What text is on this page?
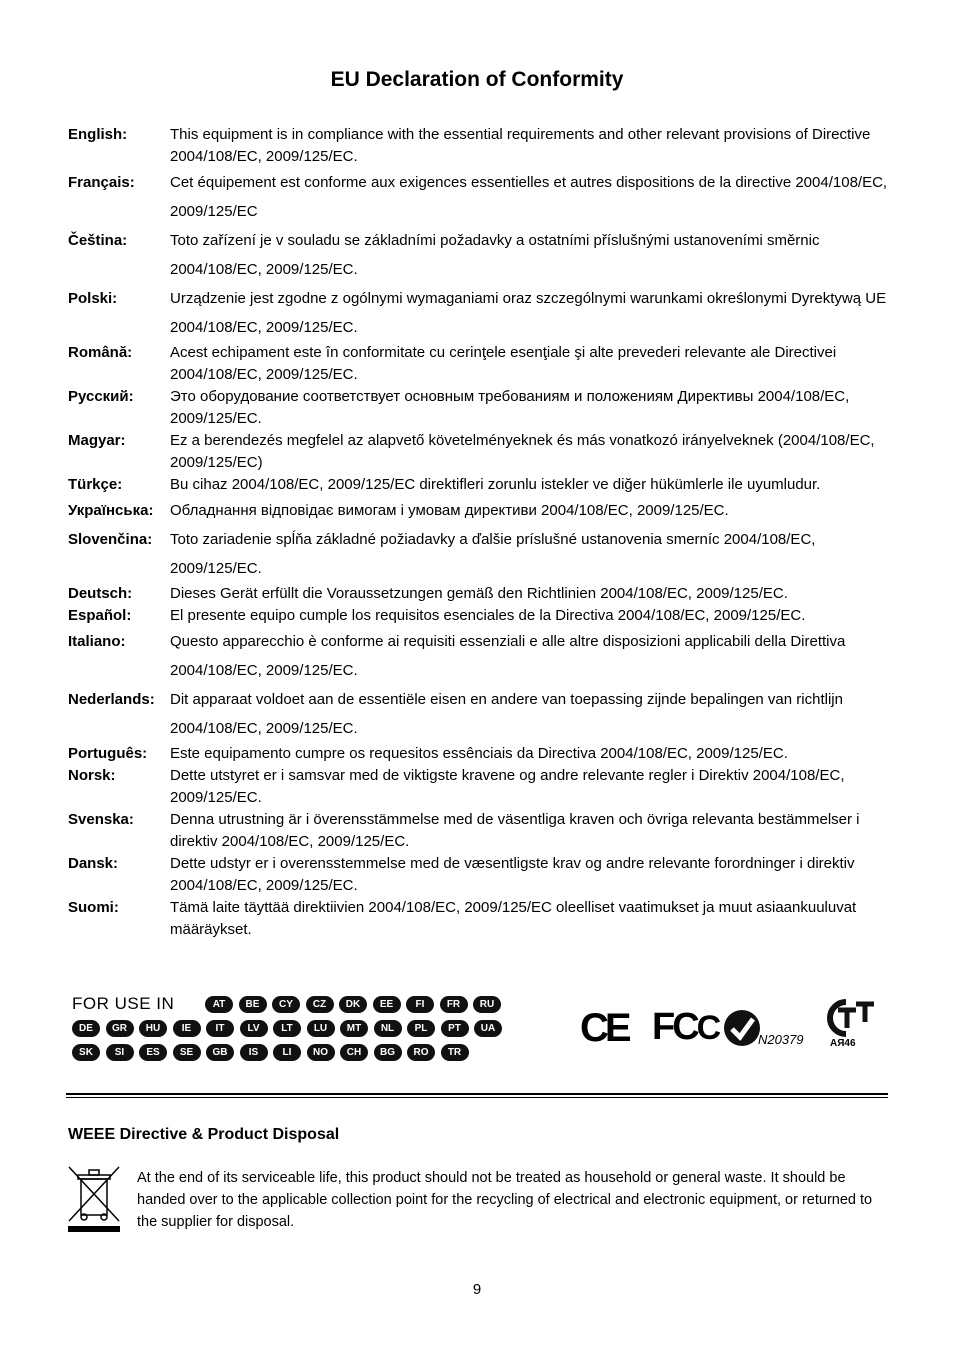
EU Declaration of Conformity
English:	This equipment is in compliance with the essential requirements and other relevant provisions of Directive 2004/108/EC, 2009/125/EC.
Français:	Cet équipement est conforme aux exigences essentielles et autres dispositions de la directive 2004/108/EC, 2009/125/EC
Čeština:	Toto zařízení je v souladu se základními požadavky a ostatními příslušnými ustanoveními směrnic 2004/108/EC, 2009/125/EC.
Polski:	Urządzenie jest zgodne z ogólnymi wymaganiami oraz szczególnymi warunkami określonymi Dyrektywą UE 2004/108/EC, 2009/125/EC.
Română:	Acest echipament este în conformitate cu cerinţele esenţiale şi alte prevederi relevante ale Directivei 2004/108/EC, 2009/125/EC.
Русский:	Это оборудование соответствует основным требованиям и положениям Директивы 2004/108/EC, 2009/125/EC.
Magyar:	Ez a berendezés megfelel az alapvető követelményeknek és más vonatkozó irányelveknek (2004/108/EC, 2009/125/EC)
Türkçe:	Bu cihaz 2004/108/EC, 2009/125/EC direktifleri zorunlu istekler ve diğer hükümlerle ile uyumludur.
Українська:	Обладнання відповідає вимогам і умовам директиви 2004/108/EC, 2009/125/EC.
Slovenčina:	Toto zariadenie spĺňa základné požiadavky a ďalšie príslušné ustanovenia smerníc 2004/108/EC, 2009/125/EC.
Deutsch:	Dieses Gerät erfüllt die Voraussetzungen gemäß den Richtlinien 2004/108/EC, 2009/125/EC.
Español:	El presente equipo cumple los requisitos esenciales de la Directiva 2004/108/EC, 2009/125/EC.
Italiano:	Questo apparecchio è conforme ai requisiti essenziali e alle altre disposizioni applicabili della Direttiva 2004/108/EC, 2009/125/EC.
Nederlands:	Dit apparaat voldoet aan de essentiële eisen en andere van toepassing zijnde bepalingen van richtlijn 2004/108/EC, 2009/125/EC.
Português:	Este equipamento cumpre os requesitos essênciais da Directiva 2004/108/EC, 2009/125/EC.
Norsk:	Dette utstyret er i samsvar med de viktigste kravene og andre relevante regler i Direktiv 2004/108/EC, 2009/125/EC.
Svenska:	Denna utrustning är i överensstämmelse med de väsentliga kraven och övriga relevanta bestämmelser i direktiv 2004/108/EC, 2009/125/EC.
Dansk:	Dette udstyr er i overensstemmelse med de væsentligste krav og andre relevante forordninger i direktiv 2004/108/EC, 2009/125/EC.
Suomi:	Tämä laite täyttää direktiivien 2004/108/EC, 2009/125/EC oleelliset vaatimukset ja muut asiaankuuluvat määräykset.
FOR USE IN	AT	BE	CY	CZ	DK	EE	FI	FR	RU
DE	GR	HU	IE	IT	LV	LT	LU	MT	NL	PL	PT	UA
SK	SI	ES	SE	GB	IS	LI	NO	CH	BG	RO	TR
CE FCC	N20379	АЯ46
WEEE Directive & Product Disposal
At the end of its serviceable life, this product should not be treated as household or general waste. It should be handed over to the applicable collection point for the recycling of electrical and electronic equipment, or returned to the supplier for disposal.
9
